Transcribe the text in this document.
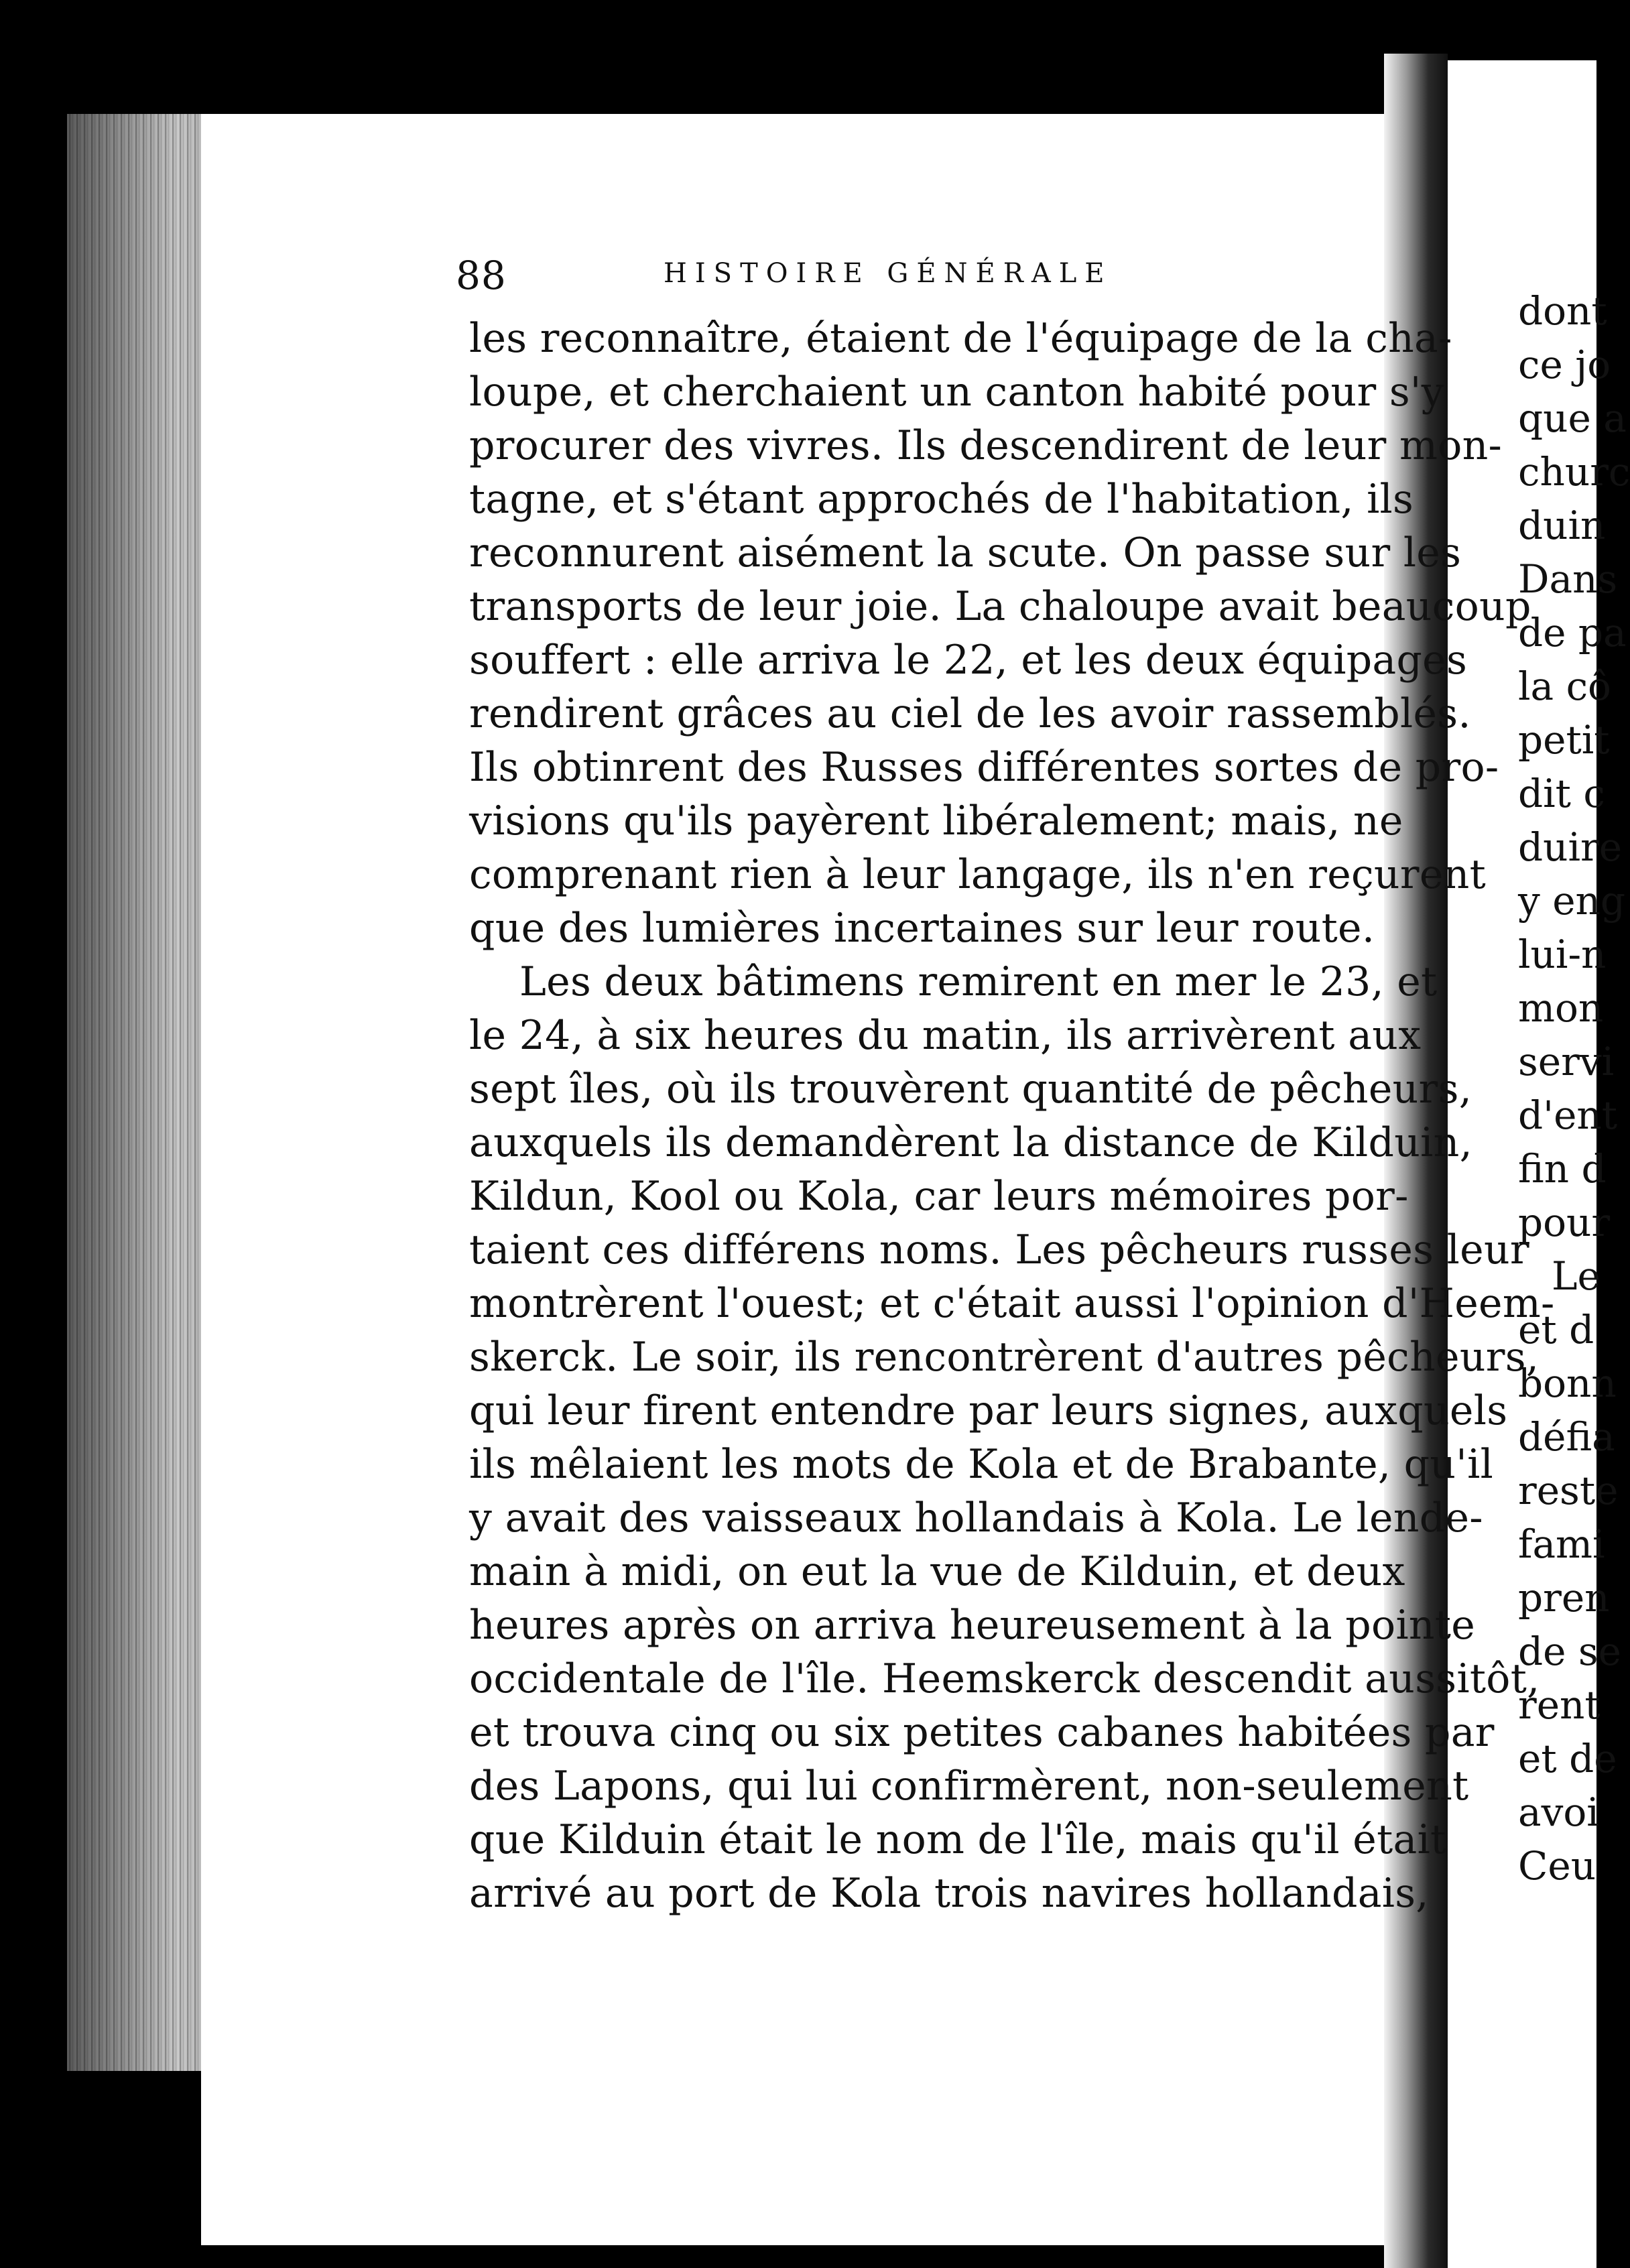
88	HISTOIRE GÉNÉRALE
les reconnaître, étaient de l'équipage de la cha-
loupe, et cherchaient un canton habité pour s'y
procurer des vivres. Ils descendirent de leur mon-
tagne, et s'étant approchés de l'habitation, ils
reconnurent aisément la scute. On passe sur les
transports de leur joie. La chaloupe avait beaucoup
souffert : elle arriva le 22, et les deux équipages
rendirent grâces au ciel de les avoir rassemblés.
Ils obtinrent des Russes différentes sortes de pro-
visions qu'ils payèrent libéralement; mais, ne
comprenant rien à leur langage, ils n'en reçurent
que des lumières incertaines sur leur route.
Les deux bâtimens remirent en mer le 23, et
le 24, à six heures du matin, ils arrivèrent aux
sept îles, où ils trouvèrent quantité de pêcheurs,
auxquels ils demandèrent la distance de Kilduin,
Kildun, Kool ou Kola, car leurs mémoires por-
taient ces différens noms. Les pêcheurs russes leur
montrèrent l'ouest; et c'était aussi l'opinion d'Heem-
skerck. Le soir, ils rencontrèrent d'autres pêcheurs,
qui leur firent entendre par leurs signes, auxquels
ils mêlaient les mots de Kola et de Brabante, qu'il
y avait des vaisseaux hollandais à Kola. Le lende-
main à midi, on eut la vue de Kilduin, et deux
heures après on arriva heureusement à la pointe
occidentale de l'île. Heemskerck descendit aussitôt,
et trouva cinq ou six petites cabanes habitées par
des Lapons, qui lui confirmèrent, non-seulement
que Kilduin était le nom de l'île, mais qu'il était
arrivé au port de Kola trois navires hollandais,
dont
ce jo
que a
churc
duin
Dans
de pa
la cô
petit
dit c
duire
y eng
lui-n
mon
servi
d'ent
fin d
pour
Le
et d
bonn
défia
reste
fami
pren
de se
rent
et de
avoi
Ceu
